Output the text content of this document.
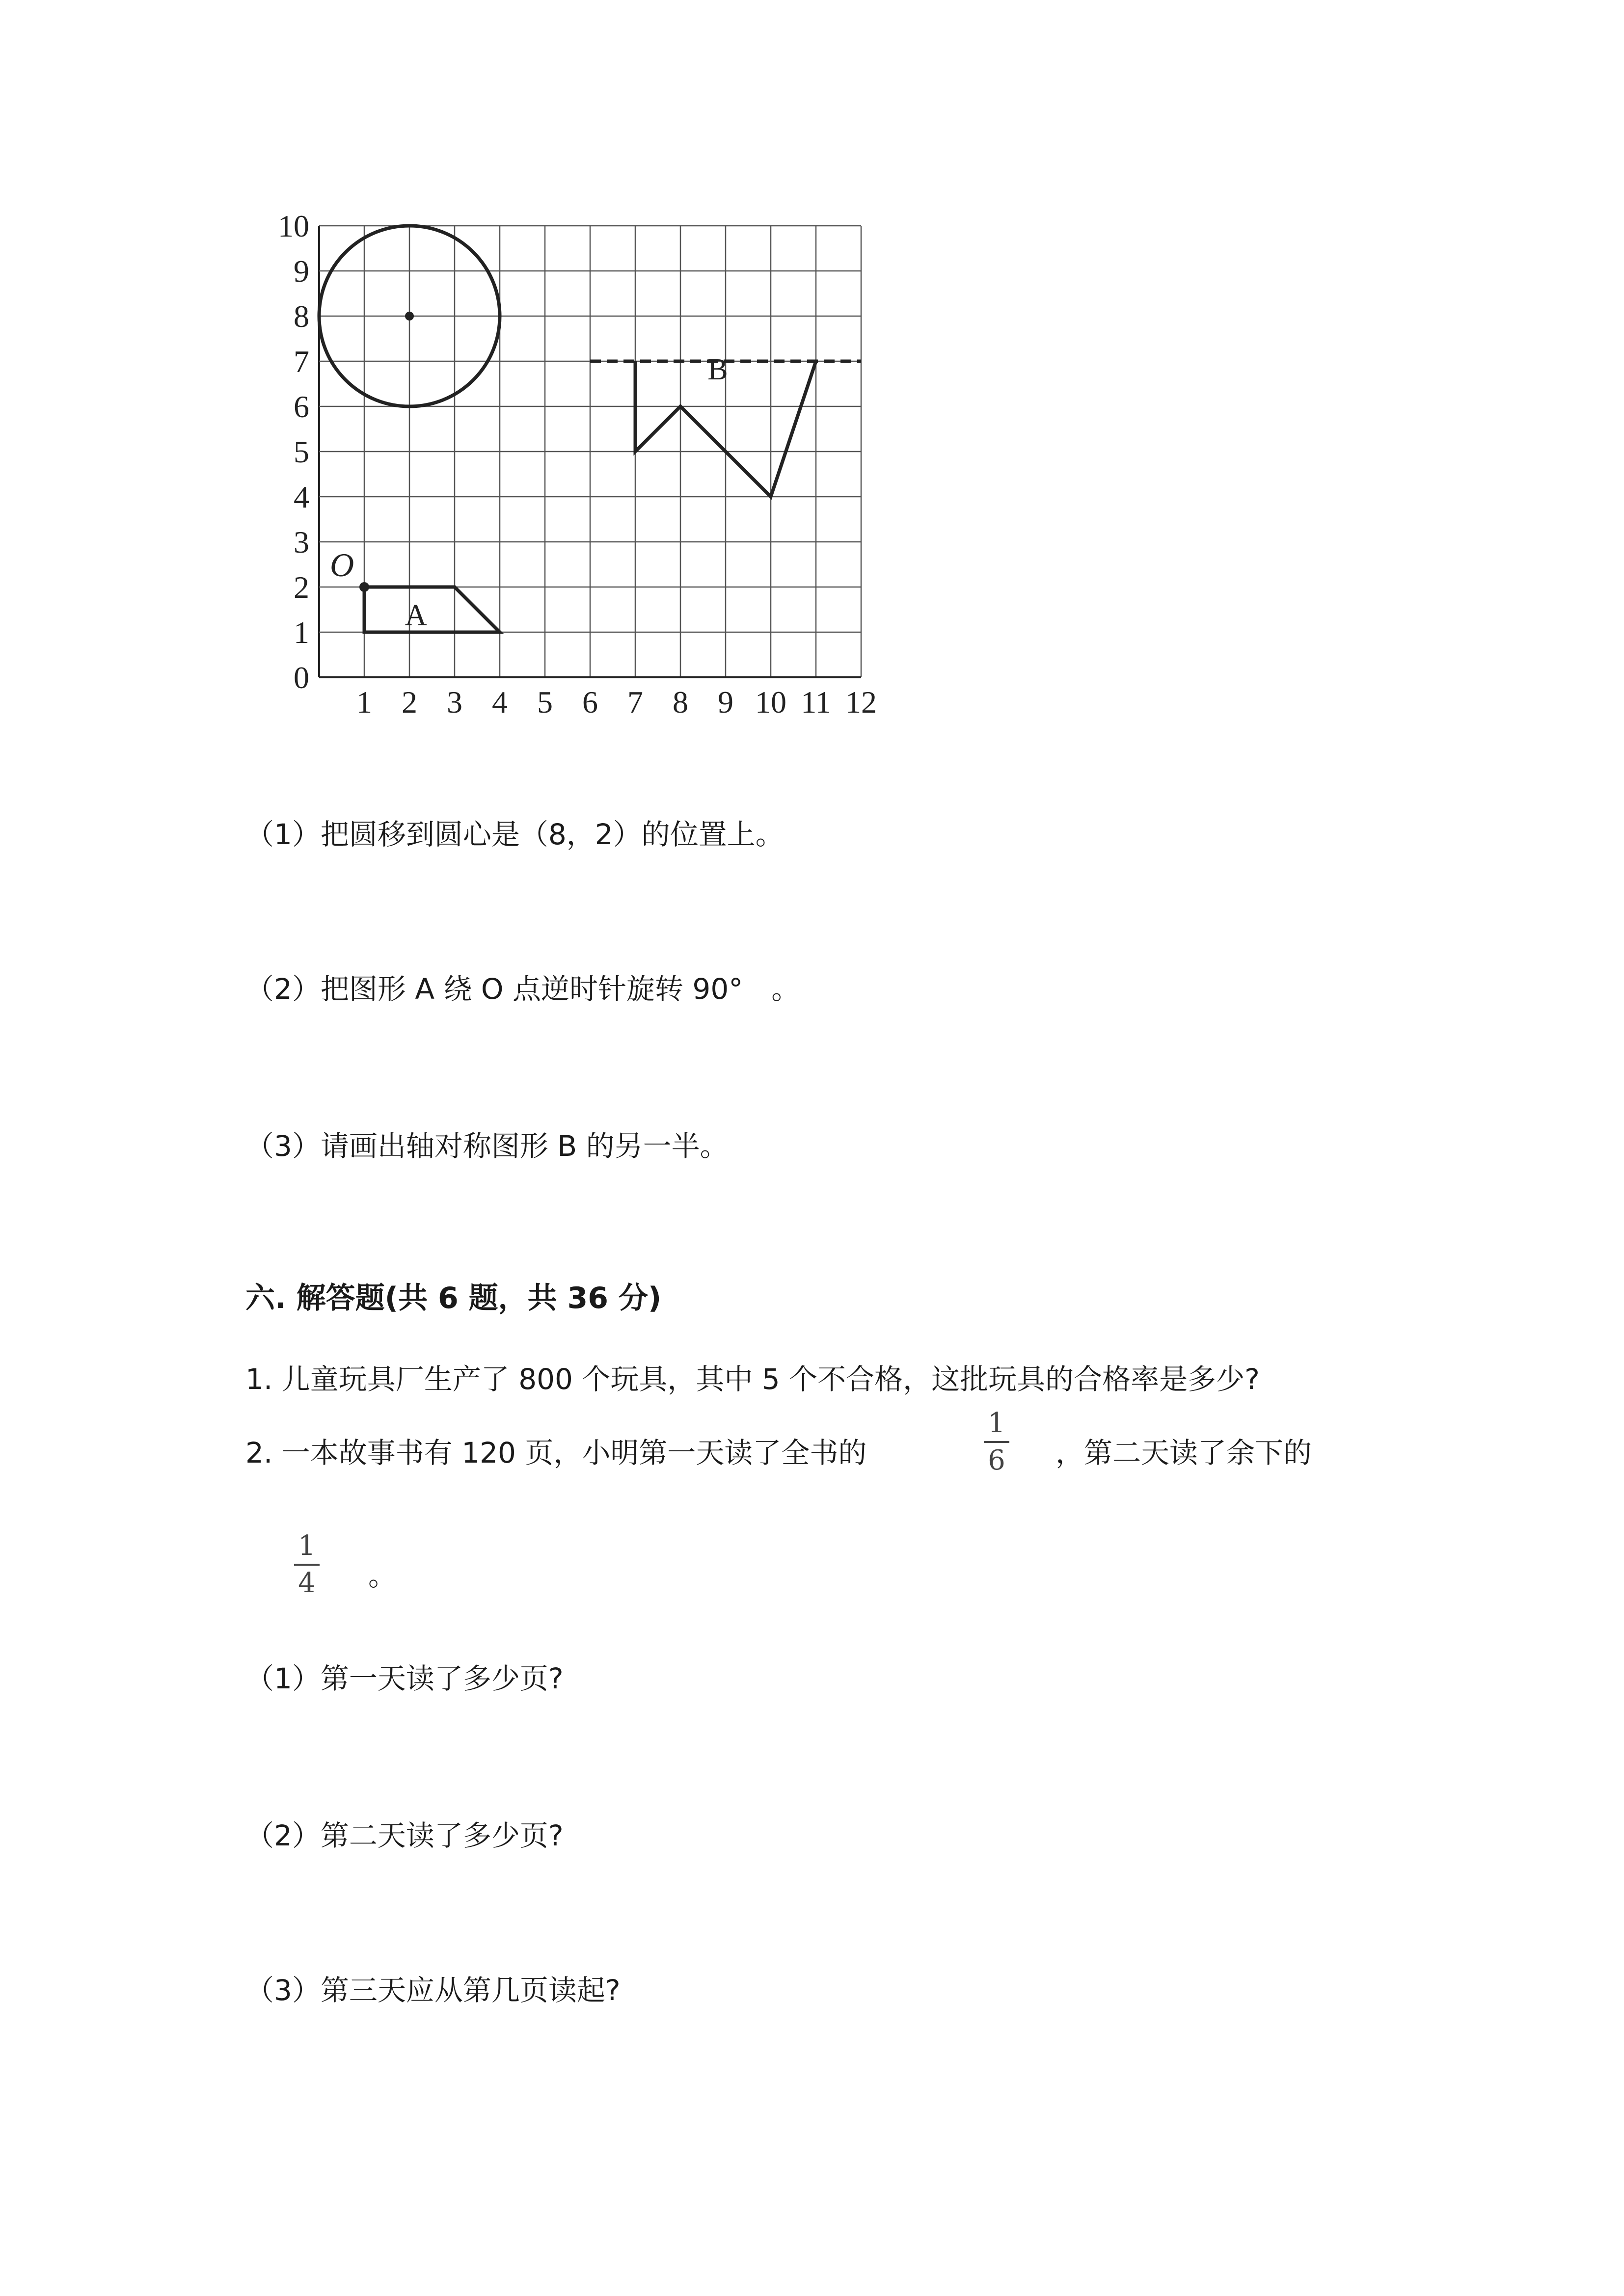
0
1
2
3
4
5
6
7
8
9
10
1 2 3 4 5 6 7 8 9 10 11 12
O
A
B
（1）把圆移到圆心是（8，2）的位置上。
（2）把图形 A 绕 O 点逆时针旋转 90°　。
（3）请画出轴对称图形 B 的另一半。
六. 解答题(共 6 题，共 36 分)
1. 儿童玩具厂生产了 800 个玩具，其中 5 个不合格，这批玩具的合格率是多少?
2. 一本故事书有 120 页，小明第一天读了全书的
1
6	，第二天读了余下的
1
4	。
（1）第一天读了多少页?
（2）第二天读了多少页?
（3）第三天应从第几页读起?
